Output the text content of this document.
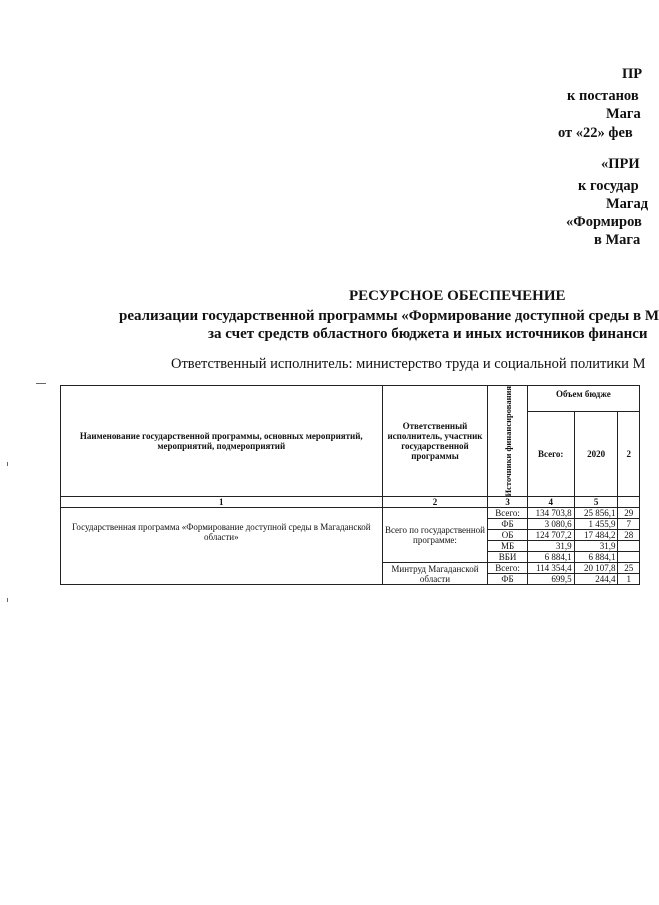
ПР
к постанов
Мага
от «22» фев
«ПРИ
к государ
Магад
«Формиров
в Мага
РЕСУРСНОЕ ОБЕСПЕЧЕНИЕ
реализации государственной программы «Формирование доступной среды в М
за счет средств областного бюджета и иных источников финанси
Ответственный исполнитель: министерство труда и социальной политики М
Наименование государственной программы, основных мероприятий, мероприятий, подмероприятий	Ответственный исполнитель, участник государственной программы	Источники финансирования	Объем бюдже		
			Всего:	2020	2
1	2	3	4	5	
Государственная программа «Формирование доступной среды в Магаданской области»	Всего по государственной программе:	Всего:	134 703,8	25 856,1	29
		ФБ	3 080,6	1 455,9	7
		ОБ	124 707,2	17 484,2	28
		МБ	31,9	31,9	
		ВБИ	6 884,1	6 884,1	
	Минтруд Магаданской области	Всего:	114 354,4	20 107,8	25
		ФБ	699,5	244,4	1
